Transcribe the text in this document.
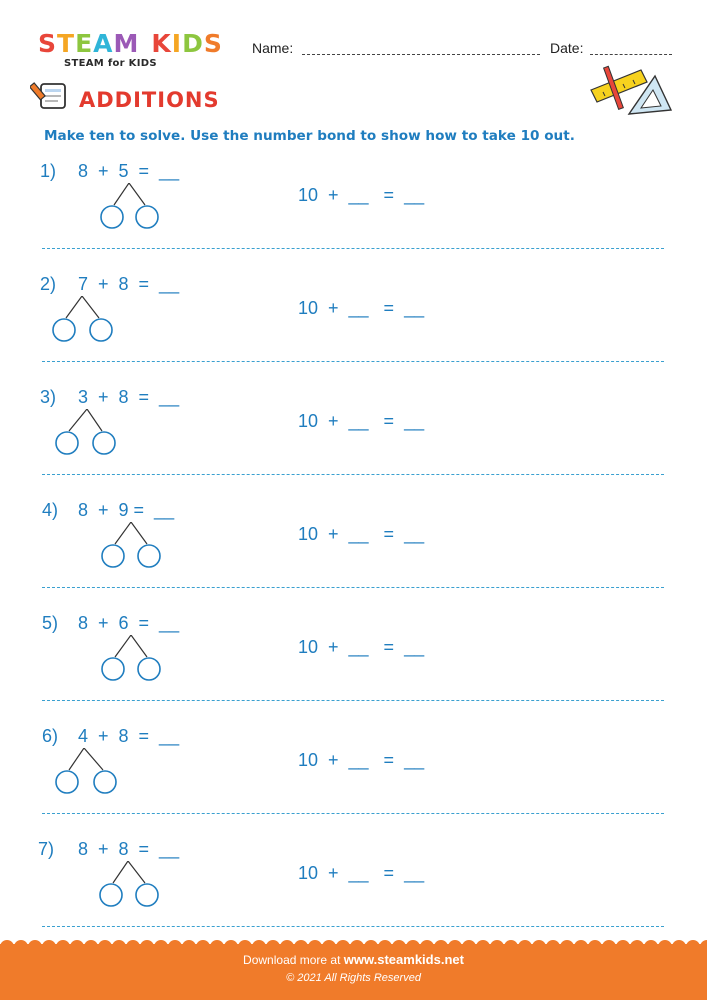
STEAM KIDS
STEAM for KIDS
Name:	Date:
ADDITIONS
Make ten to solve. Use the number bond to show how to take 10 out.
1) 8  +  5  =  __
10  +  __   =  __
2) 7  +  8  =  __
10  +  __   =  __
3) 3  +  8  =  __
10  +  __   =  __
4) 8  +  9 =  __
10  +  __   =  __
5) 8  +  6  =  __
10  +  __   =  __
6) 4  +  8  =  __
10  +  __   =  __
7) 8  +  8  =  __
10  +  __   =  __
Download more at www.steamkids.net
© 2021 All Rights Reserved
